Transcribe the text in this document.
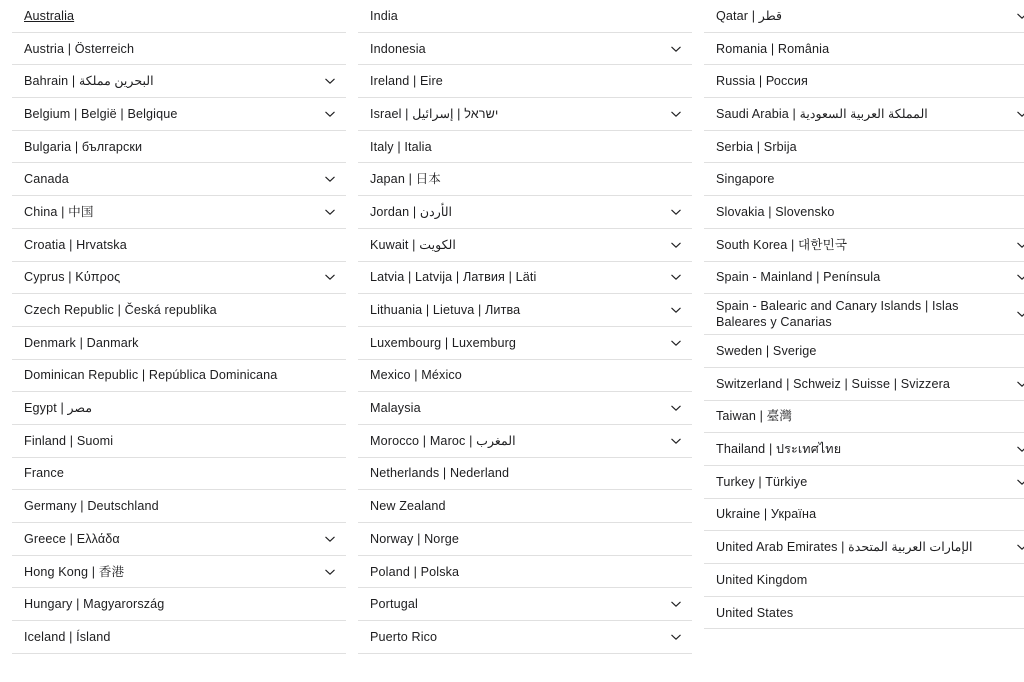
Australia
Austria | Österreich
Bahrain | البحرين مملكة
Belgium | België | Belgique
Bulgaria | български
Canada
China | 中国
Croatia | Hrvatska
Cyprus | Κύπρος
Czech Republic | Česká republika
Denmark | Danmark
Dominican Republic | República Dominicana
Egypt | مصر
Finland | Suomi
France
Germany | Deutschland
Greece | Ελλάδα
Hong Kong | 香港
Hungary | Magyarország
Iceland | Ísland
India
Indonesia
Ireland | Eire
Israel | ישראל | إسرائيل
Italy | Italia
Japan | 日本
Jordan | الأردن
Kuwait | الكويت
Latvia | Latvija | Латвия | Läti
Lithuania | Lietuva | Литва
Luxembourg | Luxemburg
Mexico | México
Malaysia
Morocco | Maroc | المغرب
Netherlands | Nederland
New Zealand
Norway | Norge
Poland | Polska
Portugal
Puerto Rico
Qatar | قطر
Romania | România
Russia | Россия
Saudi Arabia | المملكة العربية السعودية
Serbia | Srbija
Singapore
Slovakia | Slovensko
South Korea | 대한민국
Spain - Mainland | Península
Spain - Balearic and Canary Islands | Islas Baleares y Canarias
Sweden | Sverige
Switzerland | Schweiz | Suisse | Svizzera
Taiwan | 臺灣
Thailand | ประเทศไทย
Turkey | Türkiye
Ukraine | Україна
United Arab Emirates | الإمارات العربية المتحدة
United Kingdom
United States
